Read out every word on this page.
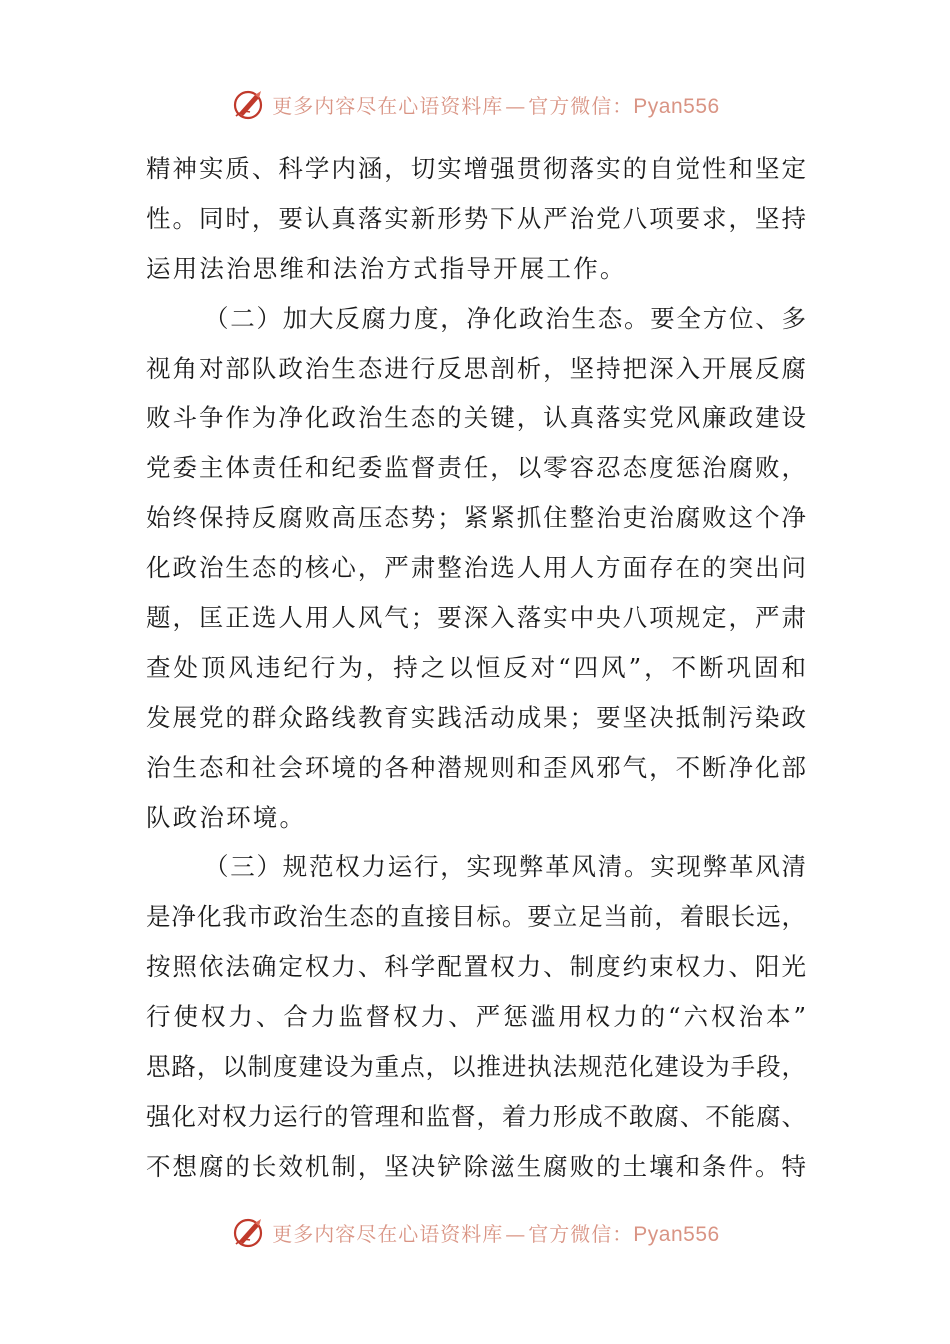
更多内容尽在心语资料库 — 官方微信：Pyan556
精神实质、科学内涵，切实增强贯彻落实的自觉性和坚定
性。同时，要认真落实新形势下从严治党八项要求，坚持
运用法治思维和法治方式指导开展工作。
（二）加大反腐力度，净化政治生态。要全方位、多
视角对部队政治生态进行反思剖析，坚持把深入开展反腐
败斗争作为净化政治生态的关键，认真落实党风廉政建设
党委主体责任和纪委监督责任，以零容忍态度惩治腐败，
始终保持反腐败高压态势；紧紧抓住整治吏治腐败这个净
化政治生态的核心，严肃整治选人用人方面存在的突出问
题，匡正选人用人风气；要深入落实中央八项规定，严肃
查处顶风违纪行为，持之以恒反对“四风”，不断巩固和
发展党的群众路线教育实践活动成果；要坚决抵制污染政
治生态和社会环境的各种潜规则和歪风邪气，不断净化部
队政治环境。
（三）规范权力运行，实现弊革风清。实现弊革风清
是净化我市政治生态的直接目标。要立足当前，着眼长远，
按照依法确定权力、科学配置权力、制度约束权力、阳光
行使权力、合力监督权力、严惩滥用权力的“六权治本”
思路，以制度建设为重点，以推进执法规范化建设为手段，
强化对权力运行的管理和监督，着力形成不敢腐、不能腐、
不想腐的长效机制，坚决铲除滋生腐败的土壤和条件。特
更多内容尽在心语资料库 — 官方微信：Pyan556
